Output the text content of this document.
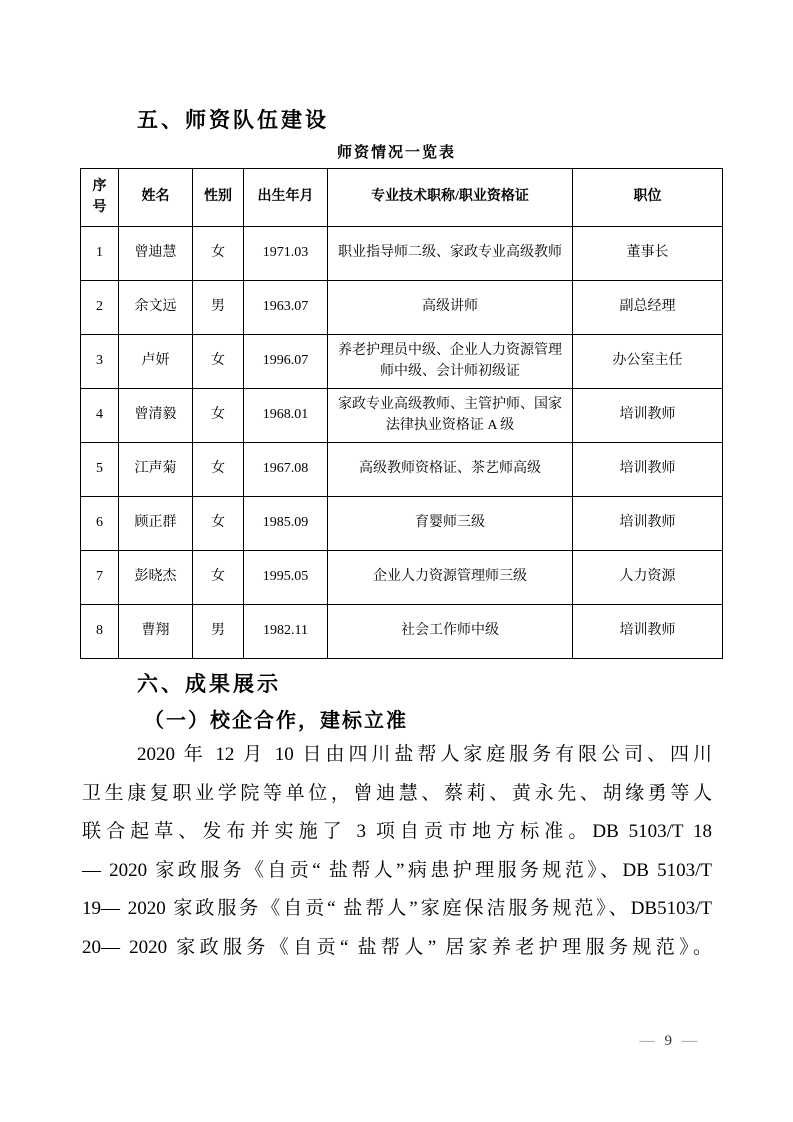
五、师资队伍建设
师资情况一览表
序号	姓名	性别	出生年月	专业技术职称/职业资格证	职位
1	曾迪慧	女	1971.03	职业指导师二级、家政专业高级教师	董事长
2	余文远	男	1963.07	高级讲师	副总经理
3	卢妍	女	1996.07	养老护理员中级、企业人力资源管理师中级、会计师初级证	办公室主任
4	曾清毅	女	1968.01	家政专业高级教师、主管护师、国家法律执业资格证 A 级	培训教师
5	江声菊	女	1967.08	高级教师资格证、茶艺师高级	培训教师
6	顾正群	女	1985.09	育婴师三级	培训教师
7	彭晓杰	女	1995.05	企业人力资源管理师三级	人力资源
8	曹翔	男	1982.11	社会工作师中级	培训教师
六、成果展示
（一）校企合作，建标立准
2020 年 12 月 10 日由四川盐帮人家庭服务有限公司、四川
卫生康复职业学院等单位，曾迪慧、蔡莉、黄永先、胡缘勇等人
联合起草、发布并实施了 3 项自贡市地方标准。DB 5103/T 18
— 2020 家政服务《自贡“ 盐帮人”病患护理服务规范》、DB 5103/T
19— 2020 家政服务《自贡“ 盐帮人”家庭保洁服务规范》、DB5103/T
20— 2020 家政服务《自贡“ 盐帮人” 居家养老护理服务规范》。
— 9 —
